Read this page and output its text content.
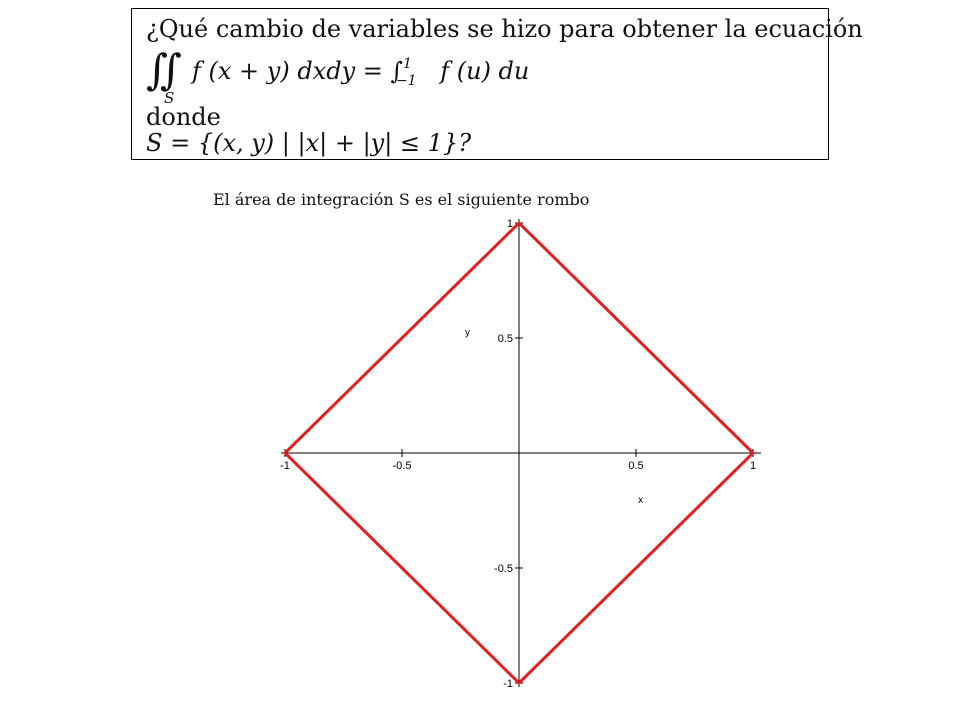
¿Qué cambio de variables se hizo para obtener la ecuación
∬
S
f (x + y) dxdy = ∫$^1_{-1}$ f (u) du
donde
S = {(x, y) | |x| + |y| ≤ 1}?
El área de integración S es el siguiente rombo
-1	-0.5	0.5	1
1
0.5
-0.5
-1
x
y
